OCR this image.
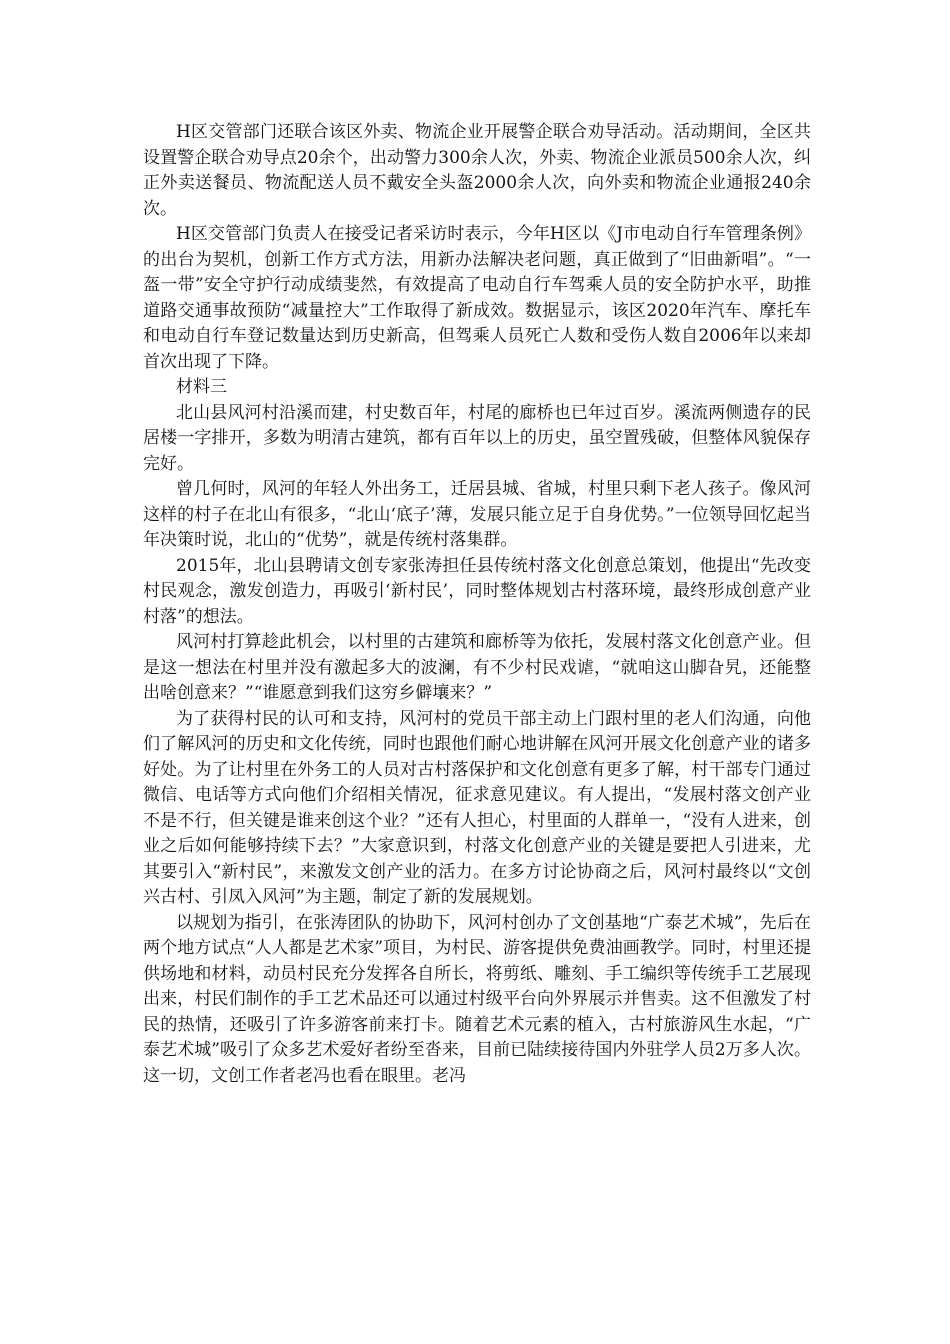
H区交管部门还联合该区外卖、物流企业开展警企联合劝导活动。活动期间，全区共设置警企联合劝导点20余个，出动警力300余人次，外卖、物流企业派员500余人次，纠正外卖送餐员、物流配送人员不戴安全头盔2000余人次，向外卖和物流企业通报240余次。

H区交管部门负责人在接受记者采访时表示，今年H区以《J市电动自行车管理条例》的出台为契机，创新工作方式方法，用新办法解决老问题，真正做到了“旧曲新唱”。“一盔一带”安全守护行动成绩斐然，有效提高了电动自行车驾乘人员的安全防护水平，助推道路交通事故预防“减量控大”工作取得了新成效。数据显示，该区2020年汽车、摩托车和电动自行车登记数量达到历史新高，但驾乘人员死亡人数和受伤人数自2006年以来却首次出现了下降。

材料三

北山县风河村沿溪而建，村史数百年，村尾的廊桥也已年过百岁。溪流两侧遗存的民居楼一字排开，多数为明清古建筑，都有百年以上的历史，虽空置残破，但整体风貌保存完好。

曾几何时，风河的年轻人外出务工，迁居县城、省城，村里只剩下老人孩子。像风河这样的村子在北山有很多，“北山‘底子’薄，发展只能立足于自身优势。”一位领导回忆起当年决策时说，北山的“优势”，就是传统村落集群。

2015年，北山县聘请文创专家张涛担任县传统村落文化创意总策划，他提出“先改变村民观念，激发创造力，再吸引‘新村民’，同时整体规划古村落环境，最终形成创意产业村落”的想法。

风河村打算趁此机会，以村里的古建筑和廊桥等为依托，发展村落文化创意产业。但是这一想法在村里并没有激起多大的波澜，有不少村民戏谑，“就咱这山脚旮旯，还能整出啥创意来？”“谁愿意到我们这穷乡僻壤来？”

为了获得村民的认可和支持，风河村的党员干部主动上门跟村里的老人们沟通，向他们了解风河的历史和文化传统，同时也跟他们耐心地讲解在风河开展文化创意产业的诸多好处。为了让村里在外务工的人员对古村落保护和文化创意有更多了解，村干部专门通过微信、电话等方式向他们介绍相关情况，征求意见建议。有人提出，“发展村落文创产业不是不行，但关键是谁来创这个业？”还有人担心，村里面的人群单一，“没有人进来，创业之后如何能够持续下去？”大家意识到，村落文化创意产业的关键是要把人引进来，尤其要引入“新村民”，来激发文创产业的活力。在多方讨论协商之后，风河村最终以“文创兴古村、引凤入风河”为主题，制定了新的发展规划。

以规划为指引，在张涛团队的协助下，风河村创办了文创基地“广泰艺术城”，先后在两个地方试点“人人都是艺术家”项目，为村民、游客提供免费油画教学。同时，村里还提供场地和材料，动员村民充分发挥各自所长，将剪纸、雕刻、手工编织等传统手工艺展现出来，村民们制作的手工艺术品还可以通过村级平台向外界展示并售卖。这不但激发了村民的热情，还吸引了许多游客前来打卡。随着艺术元素的植入，古村旅游风生水起，“广泰艺术城”吸引了众多艺术爱好者纷至沓来，目前已陆续接待国内外驻学人员2万多人次。这一切，文创工作者老冯也看在眼里。老冯
